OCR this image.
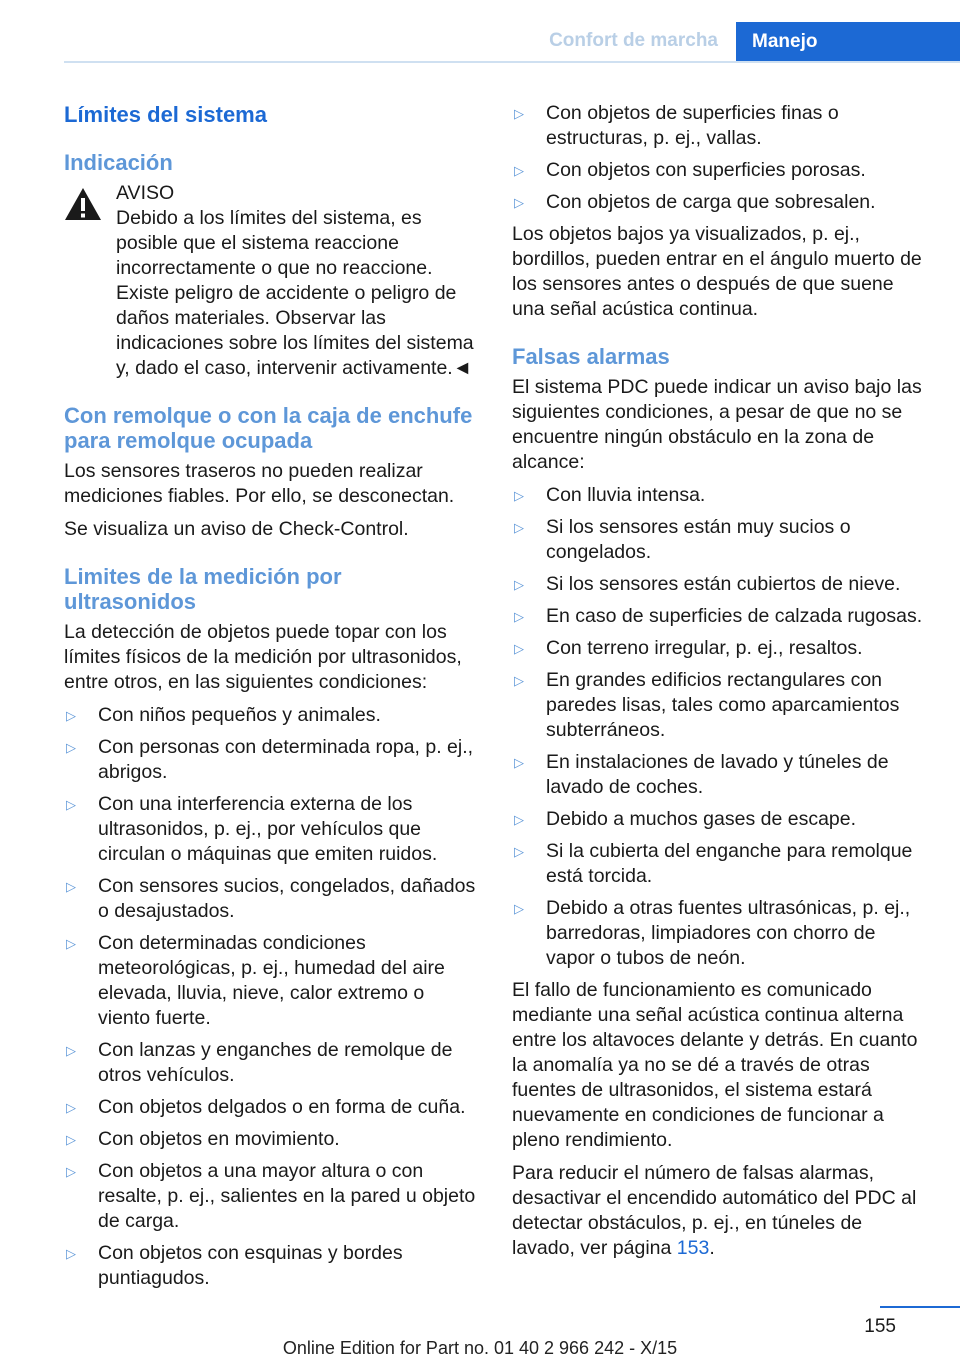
Confort de marcha	Manejo
Límites del sistema
Indicación
AVISO
Debido a los límites del sistema, es posible que el sistema reaccione incorrectamente o que no reaccione. Existe peligro de accidente o peligro de daños materiales. Observar las indicaciones sobre los límites del sistema y, dado el caso, intervenir activamente.◄
Con remolque o con la caja de enchufe para remolque ocupada

Los sensores traseros no pueden realizar mediciones fiables. Por ello, se desconectan.

Se visualiza un aviso de Check-Control.

Limites de la medición por ultrasonidos

La detección de objetos puede topar con los límites físicos de la medición por ultrasonidos, entre otros, en las siguientes condiciones:

▷	Con niños pequeños y animales.
▷	Con personas con determinada ropa, p. ej., abrigos.
▷	Con una interferencia externa de los ultrasonidos, p. ej., por vehículos que circulan o máquinas que emiten ruidos.
▷	Con sensores sucios, congelados, dañados o desajustados.
▷	Con determinadas condiciones meteorológicas, p. ej., humedad del aire elevada, lluvia, nieve, calor extremo o viento fuerte.
▷	Con lanzas y enganches de remolque de otros vehículos.
▷	Con objetos delgados o en forma de cuña.
▷	Con objetos en movimiento.
▷	Con objetos a una mayor altura o con resalte, p. ej., salientes en la pared u objeto de carga.
▷	Con objetos con esquinas y bordes puntiagudos.
▷	Con objetos de superficies finas o estructuras, p. ej., vallas.
▷	Con objetos con superficies porosas.
▷	Con objetos de carga que sobresalen.

Los objetos bajos ya visualizados, p. ej., bordillos, pueden entrar en el ángulo muerto de los sensores antes o después de que suene una señal acústica continua.

Falsas alarmas

El sistema PDC puede indicar un aviso bajo las siguientes condiciones, a pesar de que no se encuentre ningún obstáculo en la zona de alcance:

▷	Con lluvia intensa.
▷	Si los sensores están muy sucios o congelados.
▷	Si los sensores están cubiertos de nieve.
▷	En caso de superficies de calzada rugosas.
▷	Con terreno irregular, p. ej., resaltos.
▷	En grandes edificios rectangulares con paredes lisas, tales como aparcamientos subterráneos.
▷	En instalaciones de lavado y túneles de lavado de coches.
▷	Debido a muchos gases de escape.
▷	Si la cubierta del enganche para remolque está torcida.
▷	Debido a otras fuentes ultrasónicas, p. ej., barredoras, limpiadores con chorro de vapor o tubos de neón.

El fallo de funcionamiento es comunicado mediante una señal acústica continua alterna entre los altavoces delante y detrás. En cuanto la anomalía ya no se dé a través de otras fuentes de ultrasonidos, el sistema estará nuevamente en condiciones de funcionar a pleno rendimiento.

Para reducir el número de falsas alarmas, desactivar el encendido automático del PDC al detectar obstáculos, p. ej., en túneles de lavado, ver página 153.

155
Online Edition for Part no. 01 40 2 966 242 - X/15
